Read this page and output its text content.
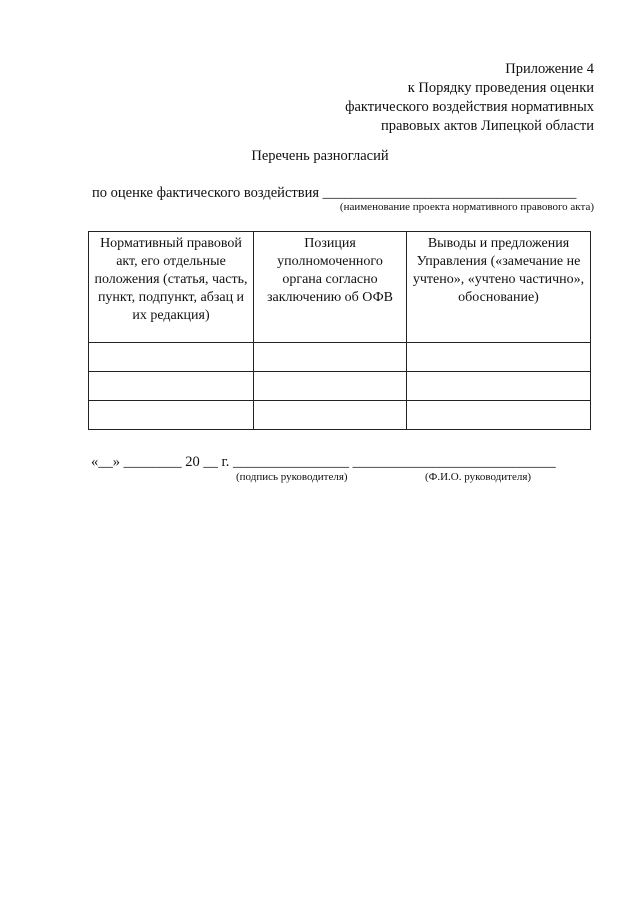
Приложение 4
к Порядку проведения оценки
фактического воздействия нормативных
правовых актов Липецкой области
Перечень разногласий
по оценке фактического воздействия ___________________________________
(наименование проекта нормативного правового акта)
Нормативный правовой акт, его отдельные положения (статья, часть, пункт, подпункт, абзац и их редакция)	Позиция уполномоченного органа согласно заключению об ОФВ	Выводы и предложения Управления («замечание не учтено», «учтено частично», обоснование)

«__» ________ 20 __ г. ________________ ____________________________
(подпись руководителя)	(Ф.И.О. руководителя)
